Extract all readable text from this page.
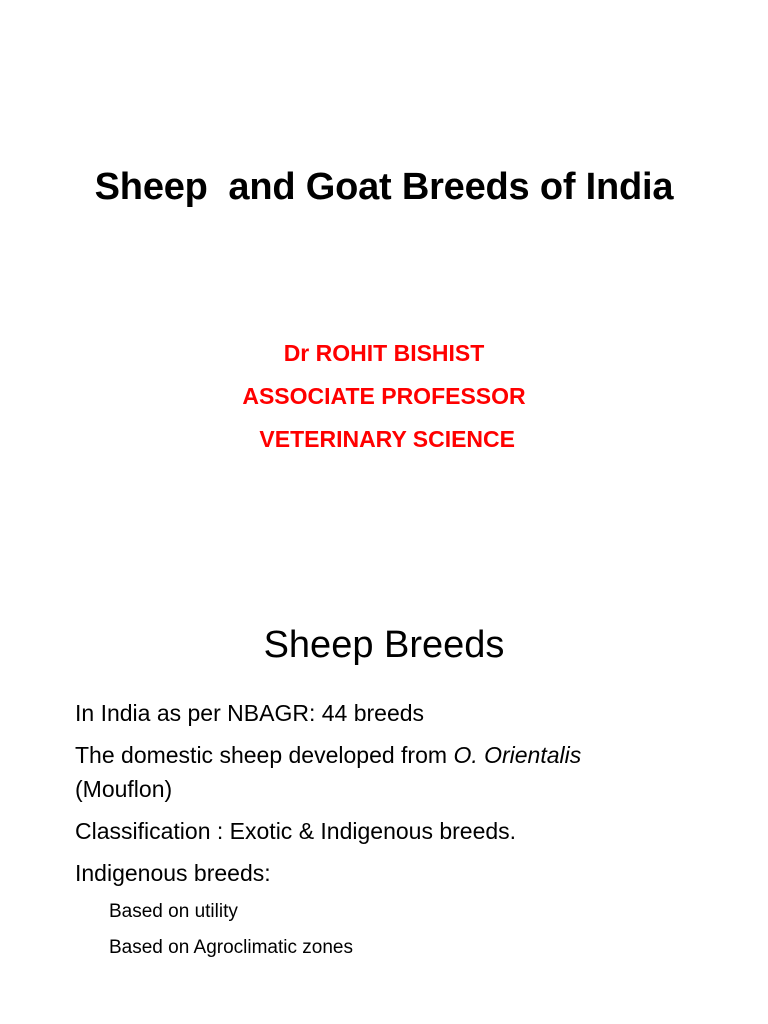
Sheep  and Goat Breeds of India
Dr ROHIT BISHIST
ASSOCIATE PROFESSOR
VETERINARY SCIENCE
Sheep Breeds
In India as per NBAGR: 44 breeds
The domestic sheep developed from O. Orientalis
(Mouflon)
Classification : Exotic & Indigenous breeds.
Indigenous breeds:
Based on utility
Based on Agroclimatic zones
